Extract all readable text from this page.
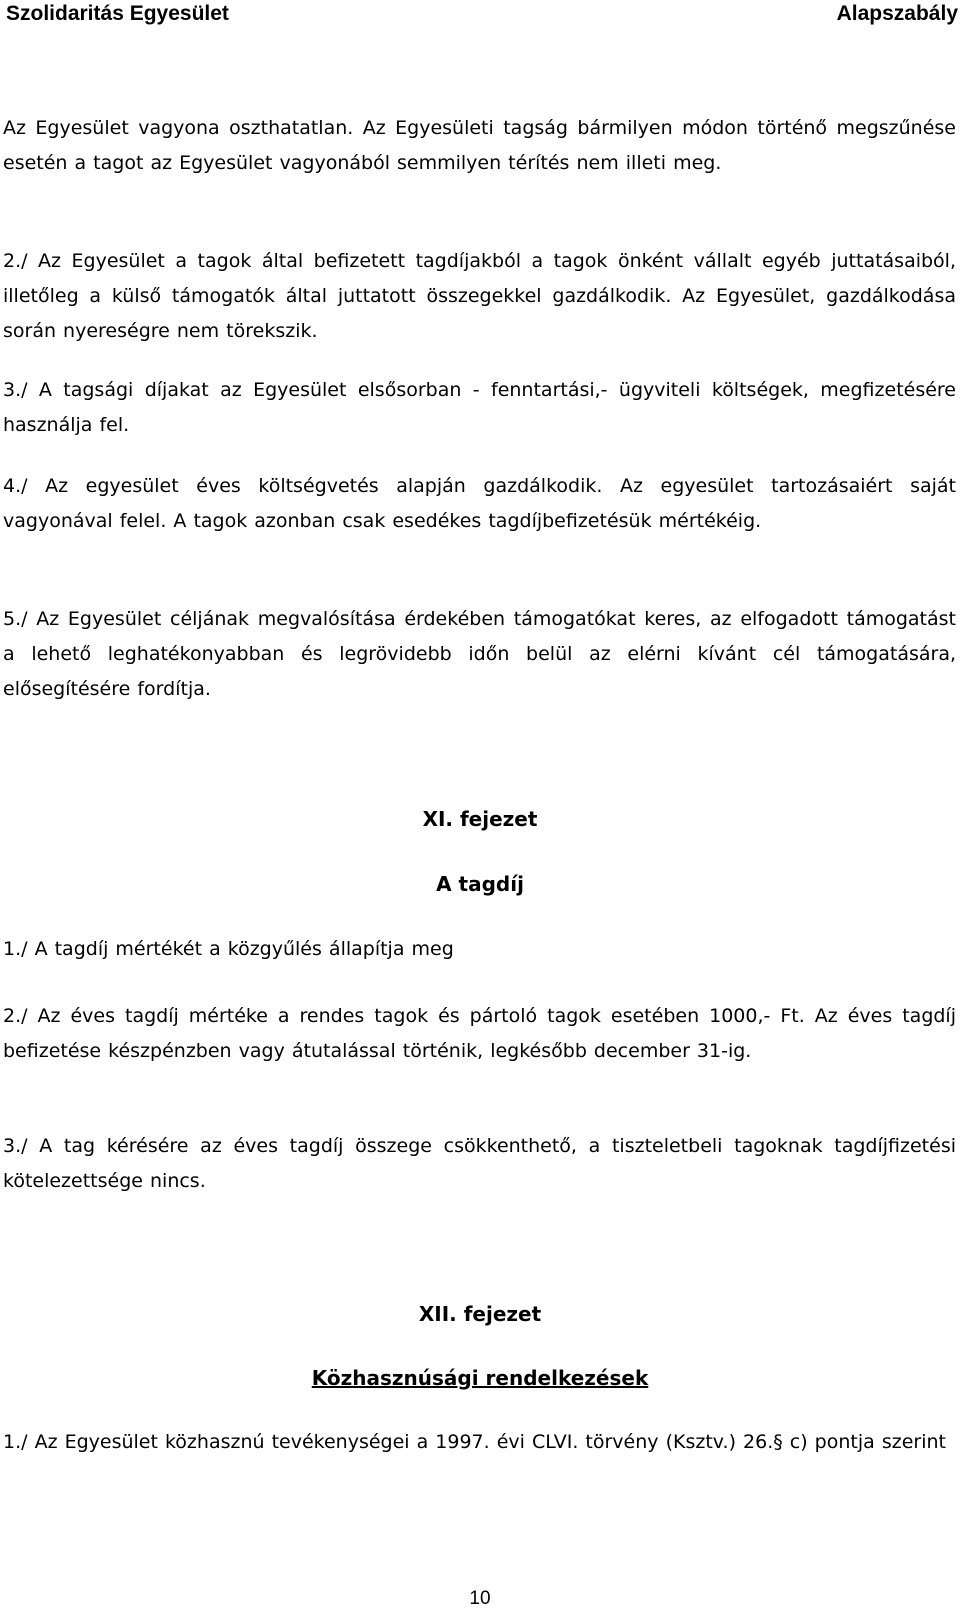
Szolidaritás Egyesület	Alapszabály

Az Egyesület vagyona oszthatatlan. Az Egyesületi tagság bármilyen módon történő megszűnése esetén a tagot az Egyesület vagyonából semmilyen térítés nem illeti meg.

2./ Az Egyesület a tagok által befizetett tagdíjakból a tagok önként vállalt egyéb juttatásaiból, illetőleg a külső támogatók által juttatott összegekkel gazdálkodik. Az Egyesület, gazdálkodása során nyereségre nem törekszik.

3./ A tagsági díjakat az Egyesület elsősorban - fenntartási,- ügyviteli költségek, megfizetésére használja fel.

4./ Az egyesület éves költségvetés alapján gazdálkodik. Az egyesület tartozásaiért saját vagyonával felel. A tagok azonban csak esedékes tagdíjbefizetésük mértékéig.

5./ Az Egyesület céljának megvalósítása érdekében támogatókat keres, az elfogadott támogatást a lehető leghatékonyabban és legrövidebb időn belül az elérni kívánt cél támogatására, elősegítésére fordítja.

XI. fejezet
A tagdíj

1./ A tagdíj mértékét a közgyűlés állapítja meg

2./ Az éves tagdíj mértéke a rendes tagok és pártoló tagok esetében 1000,- Ft. Az éves tagdíj befizetése készpénzben vagy átutalással történik, legkésőbb december 31-ig.

3./ A tag kérésére az éves tagdíj összege csökkenthető, a tiszteletbeli tagoknak tagdíjfizetési kötelezettsége nincs.

XII. fejezet
Közhasznúsági rendelkezések

1./ Az Egyesület közhasznú tevékenységei a 1997. évi CLVI. törvény (Ksztv.) 26.§ c) pontja szerint

10
